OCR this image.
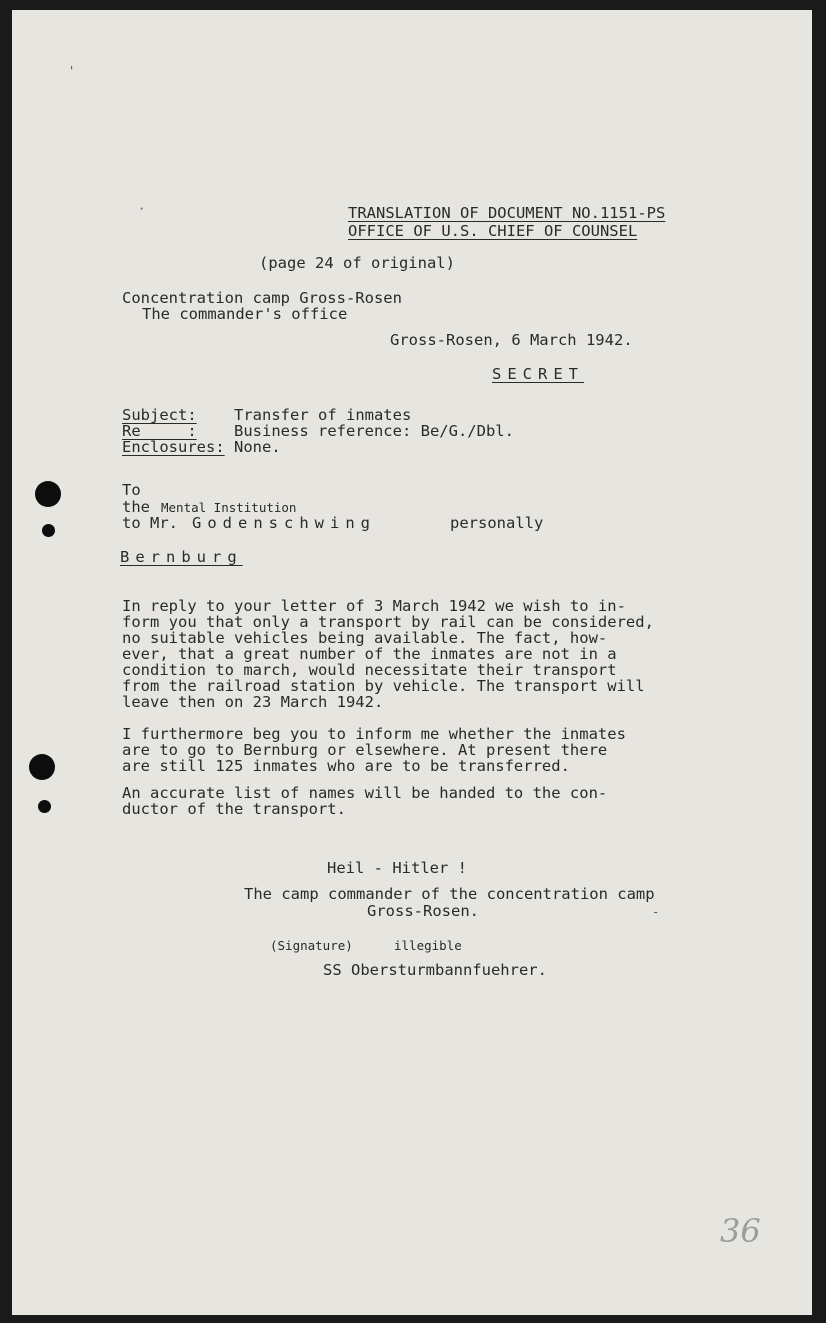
TRANSLATION OF DOCUMENT NO.1151-PS
OFFICE OF U.S. CHIEF OF COUNSEL
(page 24 of original)
Concentration camp Gross-Rosen
The commander's office
Gross-Rosen, 6 March 1942.
SECRET
Subject: Transfer of inmates
Re     : Business reference: Be/G./Dbl.
Enclosures: None.
To
the Mental Institution
to Mr. Godenschwing	personally
Bernburg
In reply to your letter of 3 March 1942 we wish to in-
form you that only a transport by rail can be considered,
no suitable vehicles being available. The fact, how-
ever, that a great number of the inmates are not in a
condition to march, would necessitate their transport
from the railroad station by vehicle. The transport will
leave then on 23 March 1942.
I furthermore beg you to inform me whether the inmates
are to go to Bernburg or elsewhere. At present there
are still 125 inmates who are to be transferred.
An accurate list of names will be handed to the con-
ductor of the transport.
Heil - Hitler !
The camp commander of the concentration camp
Gross-Rosen.	-
(Signature)	illegible
SS Obersturmbannfuehrer.
36
'
·
